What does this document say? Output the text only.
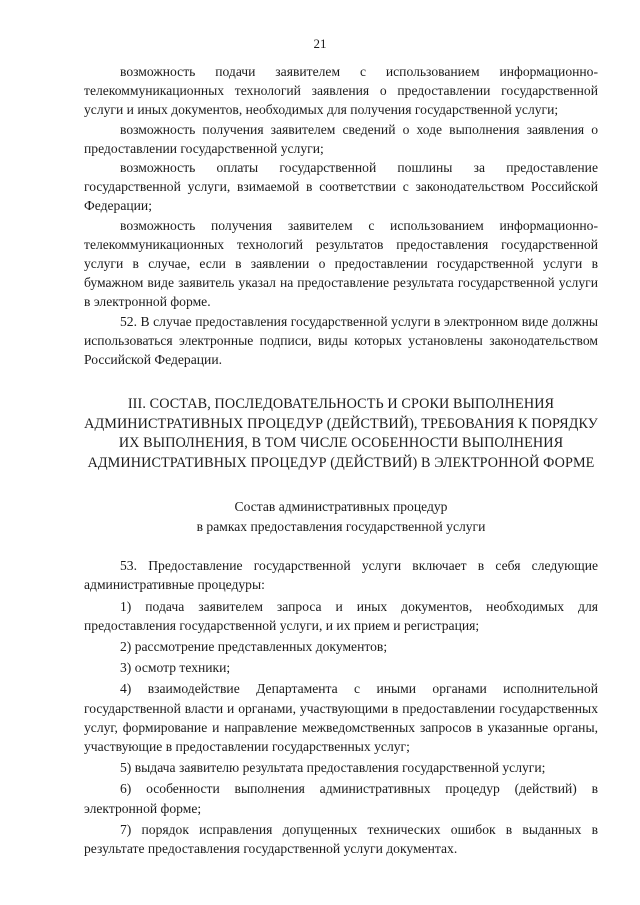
21

возможность подачи заявителем с использованием информационно-телекоммуникационных технологий заявления о предоставлении государственной услуги и иных документов, необходимых для получения государственной услуги;

возможность получения заявителем сведений о ходе выполнения заявления о предоставлении государственной услуги;

возможность оплаты государственной пошлины за предоставление государственной услуги, взимаемой в соответствии с законодательством Российской Федерации;

возможность получения заявителем с использованием информационно-телекоммуникационных технологий результатов предоставления государственной услуги в случае, если в заявлении о предоставлении государственной услуги в бумажном виде заявитель указал на предоставление результата государственной услуги в электронной форме.

52. В случае предоставления государственной услуги в электронном виде должны использоваться электронные подписи, виды которых установлены законодательством Российской Федерации.

III. СОСТАВ, ПОСЛЕДОВАТЕЛЬНОСТЬ И СРОКИ ВЫПОЛНЕНИЯ АДМИНИСТРАТИВНЫХ ПРОЦЕДУР (ДЕЙСТВИЙ), ТРЕБОВАНИЯ К ПОРЯДКУ ИХ ВЫПОЛНЕНИЯ, В ТОМ ЧИСЛЕ ОСОБЕННОСТИ ВЫПОЛНЕНИЯ АДМИНИСТРАТИВНЫХ ПРОЦЕДУР (ДЕЙСТВИЙ) В ЭЛЕКТРОННОЙ ФОРМЕ
Состав административных процедур
в рамках предоставления государственной услуги

53. Предоставление государственной услуги включает в себя следующие административные процедуры:

1) подача заявителем запроса и иных документов, необходимых для предоставления государственной услуги, и их прием и регистрация;

2) рассмотрение представленных документов;

3) осмотр техники;

4) взаимодействие Департамента с иными органами исполнительной государственной власти и органами, участвующими в предоставлении государственных услуг, формирование и направление межведомственных запросов в указанные органы, участвующие в предоставлении государственных услуг;

5) выдача заявителю результата предоставления государственной услуги;

6) особенности выполнения административных процедур (действий) в электронной форме;

7) порядок исправления допущенных технических ошибок в выданных в результате предоставления государственной услуги документах.
